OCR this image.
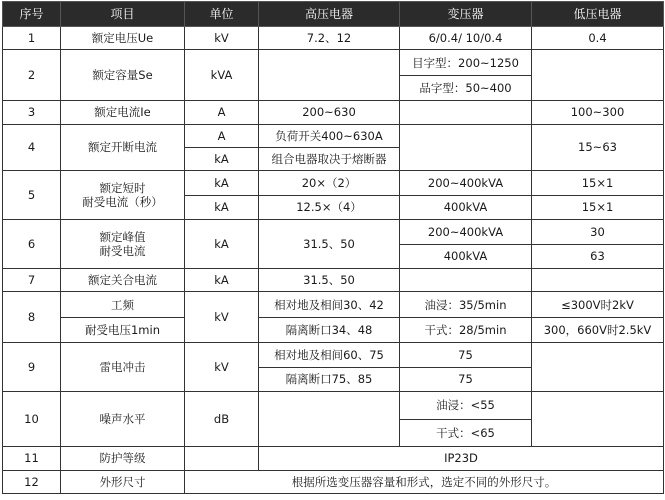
序号	项目	单位	高压电器	变压器	低压电器
1	额定电压Ue	kV	7.2、12	6/0.4/ 10/0.4	0.4
2	额定容量Se	kVA		目字型：200~1250	
				品字型：50~400	
3	额定电流Ie	A	200~630		100~300
4	额定开断电流	A	负荷开关400~630A		15~63
		kA	组合电器取决于熔断器		
5	额定短时
耐受电流（秒）	kA	20×（2）	200~400kVA	15×1
		kA	12.5×（4）	400kVA	15×1
6	额定峰值
耐受电流	kA	31.5、50	200~400kVA	30
				400kVA	63
7	额定关合电流	kA	31.5、50		
8	工频	kV	相对地及相间30、42	油浸：35/5min	≤300V时2kV
	耐受电压1min		隔离断口34、48	干式：28/5min	300，660V时2.5kV
9	雷电冲击	kV	相对地及相间60、75	75	
			隔离断口75、85	75	
10	噪声水平	dB		油浸：<55	
				干式：<65	
11	防护等级		IP23D		
12	外形尺寸	根据所选变压器容量和形式，选定不同的外形尺寸。			
